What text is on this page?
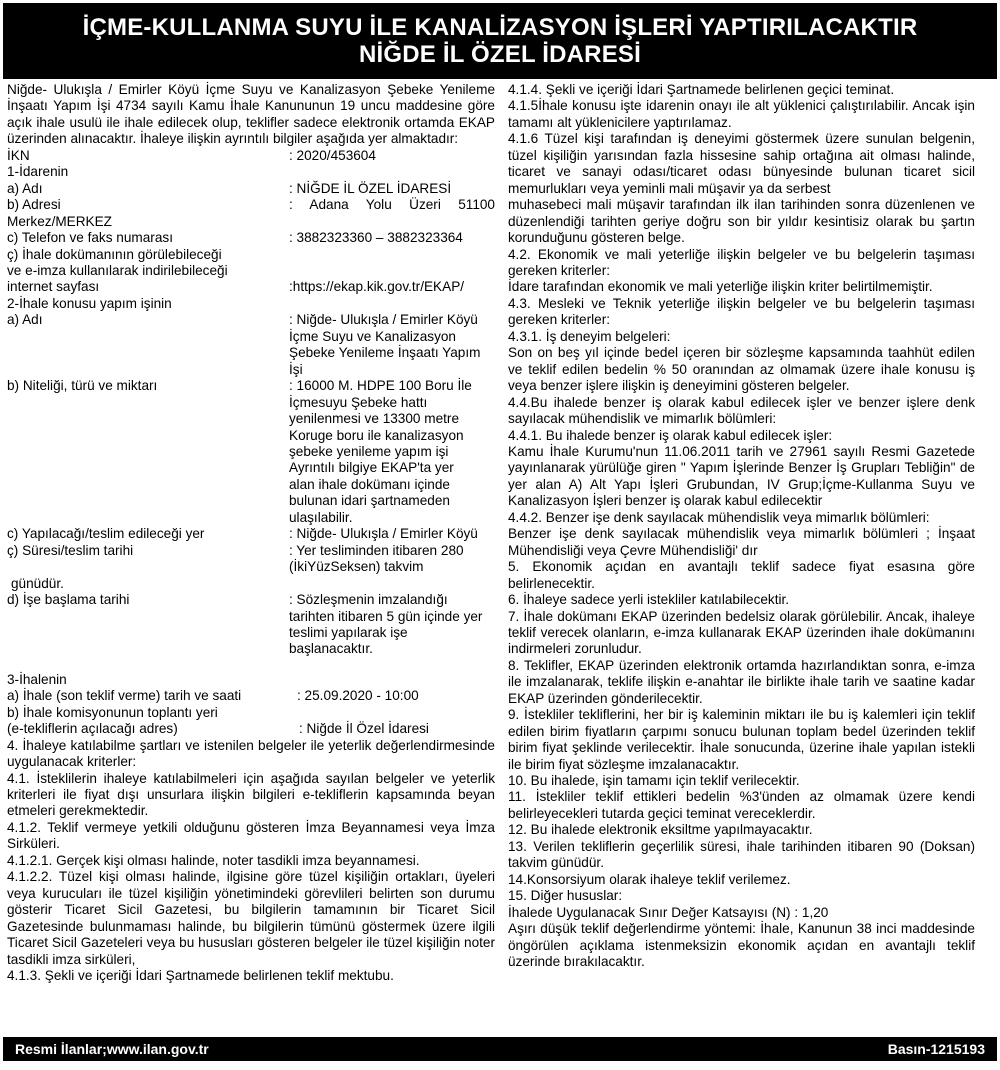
İÇME-KULLANMA SUYU İLE KANALİZASYON İŞLERİ YAPTIRILACAKTIR
NİĞDE İL ÖZEL İDARESİ

Niğde- Ulukışla / Emirler Köyü İçme Suyu ve Kanalizasyon Şebeke Yenileme İnşaatı Yapım İşi 4734 sayılı Kamu İhale Kanununun 19 uncu maddesine göre açık ihale usulü ile ihale edilecek olup, teklifler sadece elektronik ortamda EKAP üzerinden alınacaktır. İhaleye ilişkin ayrıntılı bilgiler aşağıda yer almaktadır:

İKN	: 2020/453604
1-İdarenin
a) Adı	: NİĞDE İL ÖZEL İDARESİ
b) Adresi	: Adana Yolu Üzeri 51100
Merkez/MERKEZ
c) Telefon ve faks numarası	: 3882323360 – 3882323364
ç) İhale dokümanının görülebileceği
ve e-imza kullanılarak indirilebileceği
internet sayfası	:https://ekap.kik.gov.tr/EKAP/
2-İhale konusu yapım işinin
a) Adı	: Niğde- Ulukışla / Emirler Köyü İçme Suyu ve Kanalizasyon Şebeke Yenileme İnşaatı Yapım İşi
b) Niteliği, türü ve miktarı	: 16000 M. HDPE 100 Boru İle İçmesuyu Şebeke hattı yenilenmesi ve 13300 metre Koruge boru ile kanalizasyon şebeke yenileme yapım işi Ayrıntılı bilgiye EKAP'ta yer alan ihale dokümanı içinde bulunan idari şartnameden ulaşılabilir.
c) Yapılacağı/teslim edileceği yer	: Niğde- Ulukışla / Emirler Köyü
ç) Süresi/teslim tarihi	: Yer tesliminden itibaren 280 (İkiYüzSeksen) takvim
günüdür.
d) İşe başlama tarihi	: Sözleşmenin imzalandığı tarihten itibaren 5 gün içinde yer teslimi yapılarak işe başlanacaktır.
3-İhalenin
a) İhale (son teklif verme) tarih ve saati	: 25.09.2020 - 10:00
b) İhale komisyonunun toplantı yeri
(e-tekliflerin açılacağı adres)	: Niğde İl Özel İdaresi

4. İhaleye katılabilme şartları ve istenilen belgeler ile yeterlik değerlendirmesinde uygulanacak kriterler:

4.1. İsteklilerin ihaleye katılabilmeleri için aşağıda sayılan belgeler ve yeterlik kriterleri ile fiyat dışı unsurlara ilişkin bilgileri e-tekliflerin kapsamında beyan etmeleri gerekmektedir.

4.1.2. Teklif vermeye yetkili olduğunu gösteren İmza Beyannamesi veya İmza Sirküleri.

4.1.2.1. Gerçek kişi olması halinde, noter tasdikli imza beyannamesi.

4.1.2.2. Tüzel kişi olması halinde, ilgisine göre tüzel kişiliğin ortakları, üyeleri veya kurucuları ile tüzel kişiliğin yönetimindeki görevlileri belirten son durumu gösterir Ticaret Sicil Gazetesi, bu bilgilerin tamamının bir Ticaret Sicil Gazetesinde bulunmaması halinde, bu bilgilerin tümünü göstermek üzere ilgili Ticaret Sicil Gazeteleri veya bu hususları gösteren belgeler ile tüzel kişiliğin noter tasdikli imza sirküleri,

4.1.3. Şekli ve içeriği İdari Şartnamede belirlenen teklif mektubu.

4.1.4. Şekli ve içeriği İdari Şartnamede belirlenen geçici teminat.

4.1.5İhale konusu işte idarenin onayı ile alt yüklenici çalıştırılabilir. Ancak işin tamamı alt yüklenicilere yaptırılamaz.

4.1.6 Tüzel kişi tarafından iş deneyimi göstermek üzere sunulan belgenin, tüzel kişiliğin yarısından fazla hissesine sahip ortağına ait olması halinde, ticaret ve sanayi odası/ticaret odası bünyesinde bulunan ticaret sicil memurlukları veya yeminli mali müşavir ya da serbest

muhasebeci mali müşavir tarafından ilk ilan tarihinden sonra düzenlenen ve düzenlendiği tarihten geriye doğru son bir yıldır kesintisiz olarak bu şartın korunduğunu gösteren belge.

4.2. Ekonomik ve mali yeterliğe ilişkin belgeler ve bu belgelerin taşıması gereken kriterler:

İdare tarafından ekonomik ve mali yeterliğe ilişkin kriter belirtilmemiştir.

4.3. Mesleki ve Teknik yeterliğe ilişkin belgeler ve bu belgelerin taşıması gereken kriterler:

4.3.1. İş deneyim belgeleri:

Son on beş yıl içinde bedel içeren bir sözleşme kapsamında taahhüt edilen ve teklif edilen bedelin % 50 oranından az olmamak üzere ihale konusu iş veya benzer işlere ilişkin iş deneyimini gösteren belgeler.

4.4.Bu ihalede benzer iş olarak kabul edilecek işler ve benzer işlere denk sayılacak mühendislik ve mimarlık bölümleri:

4.4.1. Bu ihalede benzer iş olarak kabul edilecek işler:

Kamu İhale Kurumu'nun 11.06.2011 tarih ve 27961 sayılı Resmi Gazetede yayınlanarak yürülüğe giren " Yapım İşlerinde Benzer İş Grupları Tebliğin" de yer alan A) Alt Yapı İşleri Grubundan, IV Grup;İçme-Kullanma Suyu ve Kanalizasyon İşleri benzer iş olarak kabul edilecektir

4.4.2. Benzer işe denk sayılacak mühendislik veya mimarlık bölümleri:

Benzer işe denk sayılacak mühendislik veya mimarlık bölümleri ; İnşaat Mühendisliği veya Çevre Mühendisliği' dır

5. Ekonomik açıdan en avantajlı teklif sadece fiyat esasına göre belirlenecektir.

6. İhaleye sadece yerli istekliler katılabilecektir.

7. İhale dokümanı EKAP üzerinden bedelsiz olarak görülebilir. Ancak, ihaleye teklif verecek olanların, e-imza kullanarak EKAP üzerinden ihale dokümanını indirmeleri zorunludur.

8. Teklifler, EKAP üzerinden elektronik ortamda hazırlandıktan sonra, e-imza ile imzalanarak, teklife ilişkin e-anahtar ile birlikte ihale tarih ve saatine kadar EKAP üzerinden gönderilecektir.

9. İstekliler tekliflerini, her bir iş kaleminin miktarı ile bu iş kalemleri için teklif edilen birim fiyatların çarpımı sonucu bulunan toplam bedel üzerinden teklif birim fiyat şeklinde verilecektir. İhale sonucunda, üzerine ihale yapılan istekli ile birim fiyat sözleşme imzalanacaktır.

10. Bu ihalede, işin tamamı için teklif verilecektir.

11. İstekliler teklif ettikleri bedelin %3'ünden az olmamak üzere kendi belirleyecekleri tutarda geçici teminat vereceklerdir.

12. Bu ihalede elektronik eksiltme yapılmayacaktır.

13. Verilen tekliflerin geçerlilik süresi, ihale tarihinden itibaren 90 (Doksan) takvim günüdür.

14.Konsorsiyum olarak ihaleye teklif verilemez.

15. Diğer hususlar:

İhalede Uygulanacak Sınır Değer Katsayısı (N) : 1,20

Aşırı düşük teklif değerlendirme yöntemi: İhale, Kanunun 38 inci maddesinde öngörülen açıklama istenmeksizin ekonomik açıdan en avantajlı teklif üzerinde bırakılacaktır.

Resmi İlanlar;www.ilan.gov.tr	Basın-1215193
